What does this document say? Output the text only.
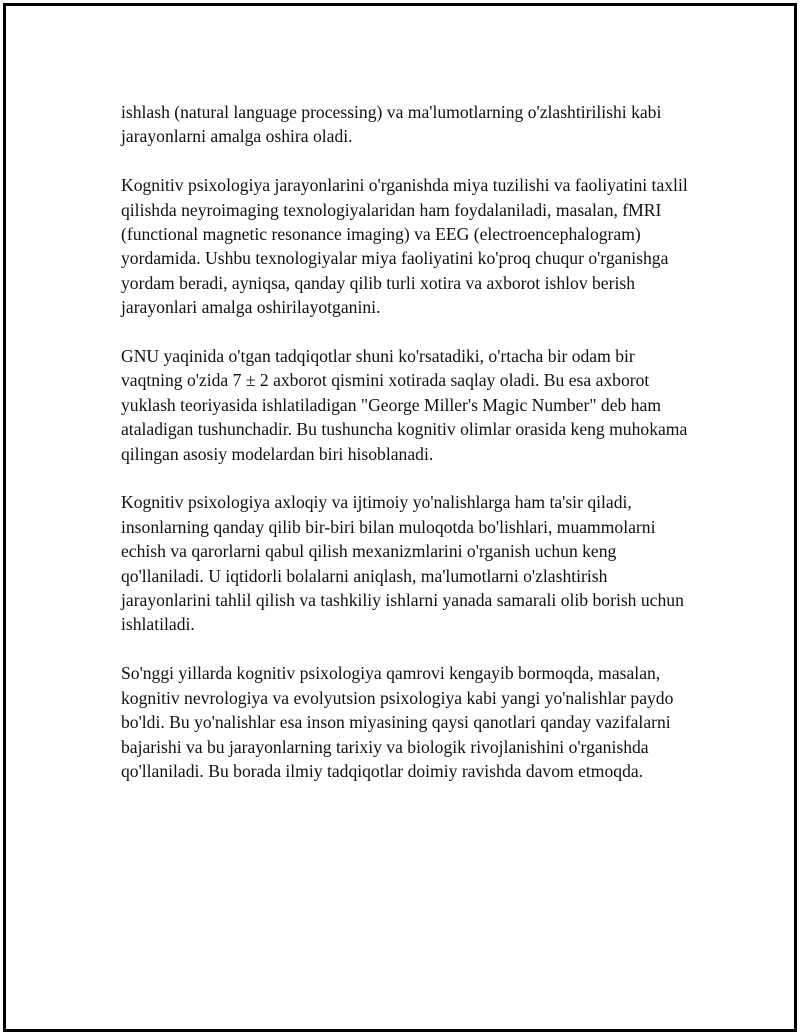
ishlash (natural language processing) va ma'lumotlarning o'zlashtirilishi kabi jarayonlarni amalga oshira oladi.

Kognitiv psixologiya jarayonlarini o'rganishda miya tuzilishi va faoliyatini taxlil qilishda neyroimaging texnologiyalaridan ham foydalaniladi, masalan, fMRI (functional magnetic resonance imaging) va EEG (electroencephalogram) yordamida. Ushbu texnologiyalar miya faoliyatini ko'proq chuqur o'rganishga yordam beradi, ayniqsa, qanday qilib turli xotira va axborot ishlov berish jarayonlari amalga oshirilayotganini.

GNU yaqinida o'tgan tadqiqotlar shuni ko'rsatadiki, o'rtacha bir odam bir vaqtning o'zida 7 ± 2 axborot qismini xotirada saqlay oladi. Bu esa axborot yuklash teoriyasida ishlatiladigan "George Miller's Magic Number" deb ham ataladigan tushunchadir. Bu tushuncha kognitiv olimlar orasida keng muhokama qilingan asosiy modelardan biri hisoblanadi.

Kognitiv psixologiya axloqiy va ijtimoiy yo'nalishlarga ham ta'sir qiladi, insonlarning qanday qilib bir-biri bilan muloqotda bo'lishlari, muammolarni echish va qarorlarni qabul qilish mexanizmlarini o'rganish uchun keng qo'llaniladi. U iqtidorli bolalarni aniqlash, ma'lumotlarni o'zlashtirish jarayonlarini tahlil qilish va tashkiliy ishlarni yanada samarali olib borish uchun ishlatiladi.

So'nggi yillarda kognitiv psixologiya qamrovi kengayib bormoqda, masalan, kognitiv nevrologiya va evolyutsion psixologiya kabi yangi yo'nalishlar paydo bo'ldi. Bu yo'nalishlar esa inson miyasining qaysi qanotlari qanday vazifalarni bajarishi va bu jarayonlarning tarixiy va biologik rivojlanishini o'rganishda qo'llaniladi. Bu borada ilmiy tadqiqotlar doimiy ravishda davom etmoqda.
